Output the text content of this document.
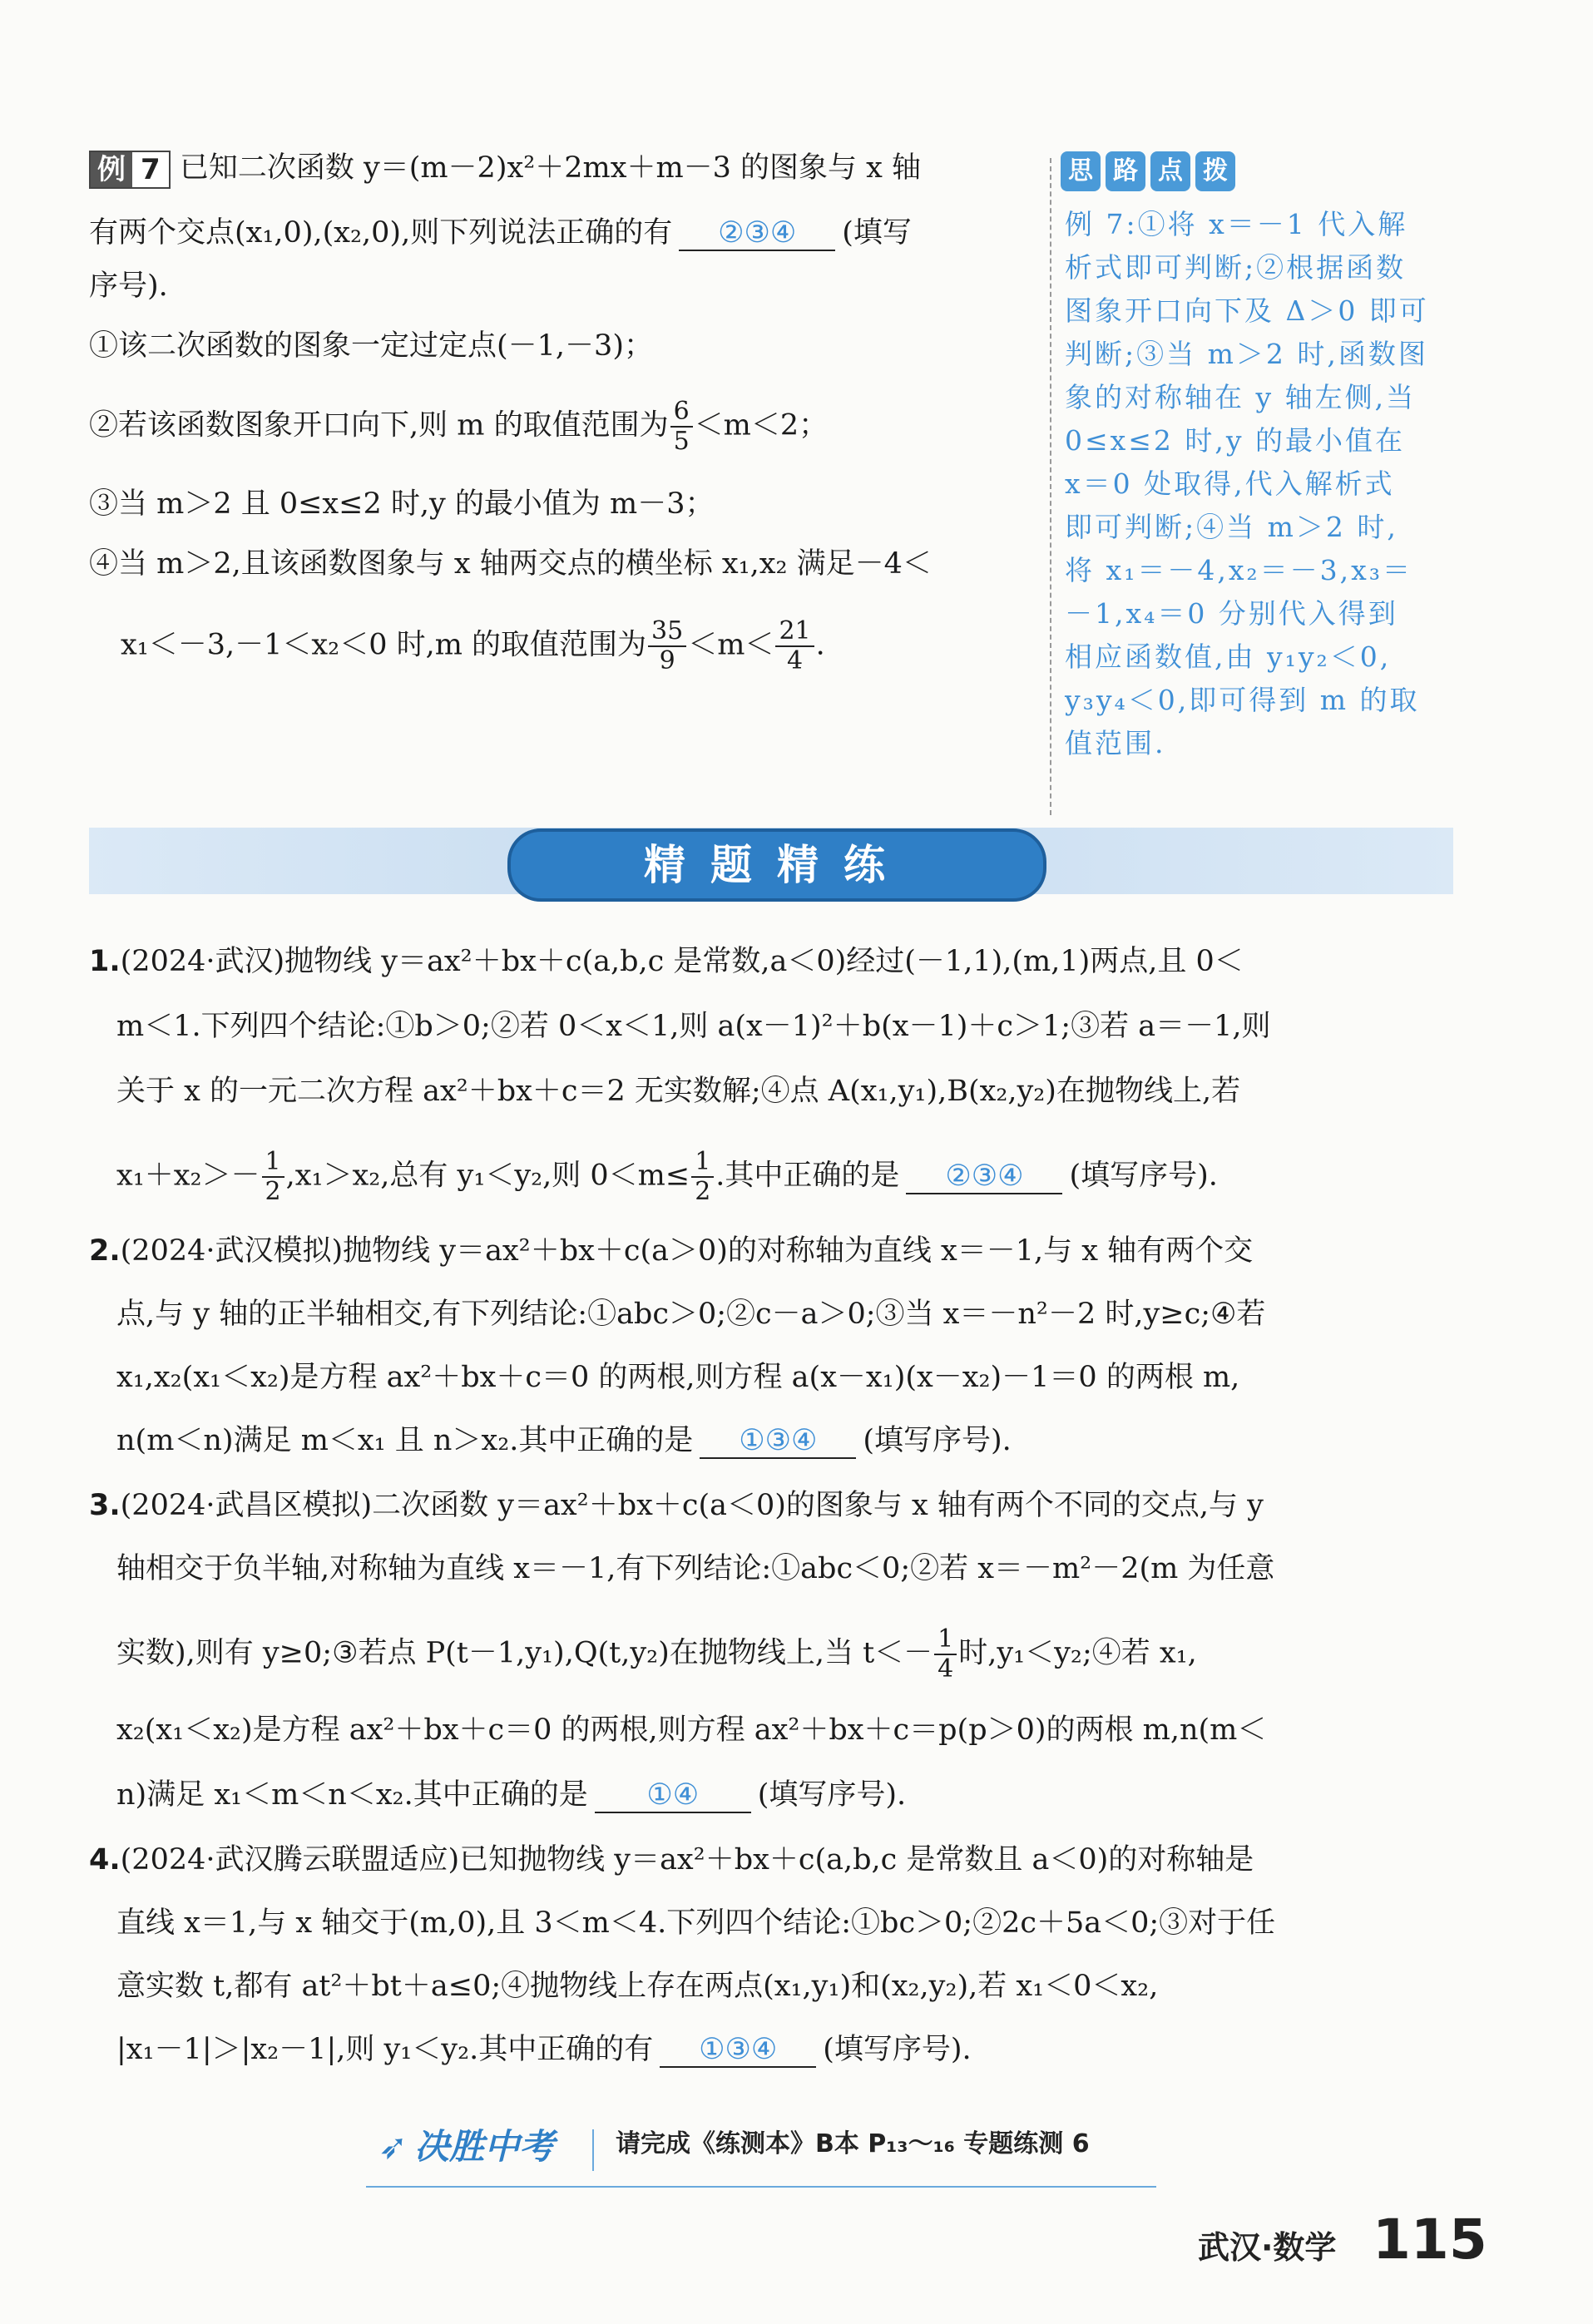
例 7 已知二次函数 y＝(m－2)x²＋2mx＋m－3 的图象与 x 轴
有两个交点(x₁,0),(x₂,0),则下列说法正确的有 ②③④ (填写
序号).
①该二次函数的图象一定过定点(－1,－3)；
②若该函数图象开口向下,则 m 的取值范围为 $\frac{6}{5} <m<2$；
③当 m＞2 且 0≤x≤2 时,y 的最小值为 m－3；
④当 m＞2,且该函数图象与 x 轴两交点的横坐标 x₁,x₂ 满足－4＜
x₁＜－3,－1＜x₂＜0 时,m 的取值范围为 $\frac{35}{9} <m< \frac{21}{4}$ .
思 路 点 拨
例 7:①将 x＝－1 代入解
析式即可判断;②根据函数
图象开口向下及 Δ＞0 即可
判断;③当 m＞2 时,函数图
象的对称轴在 y 轴左侧,当
0≤x≤2 时,y 的最小值在
x＝0 处取得,代入解析式
即可判断;④当 m＞2 时,
将 x₁＝－4,x₂＝－3,x₃＝
－1,x₄＝0 分别代入得到
相应函数值,由 y₁y₂＜0,
y₃y₄＜0,即可得到 m 的取
值范围.
精题精练
1.(2024·武汉)抛物线 y＝ax²＋bx＋c(a,b,c 是常数,a＜0)经过(－1,1),(m,1)两点,且 0＜
m＜1.下列四个结论:①b＞0;②若 0＜x＜1,则 a(x－1)²＋b(x－1)＋c＞1;③若 a＝－1,则
关于 x 的一元二次方程 ax²＋bx＋c＝2 无实数解;④点 A(x₁,y₁),B(x₂,y₂)在抛物线上,若
$x_1+x_2>- \frac{1}{2} ,x_1>x_2$,总有 y₁＜y₂,则 $0<m\le \frac{1}{2}$ .其中正确的是 ②③④ (填写序号).
2.(2024·武汉模拟)抛物线 y＝ax²＋bx＋c(a＞0)的对称轴为直线 x＝－1,与 x 轴有两个交
点,与 y 轴的正半轴相交,有下列结论:①abc＞0;②c－a＞0;③当 x＝－n²－2 时,y≥c;④若
x₁,x₂(x₁＜x₂)是方程 ax²＋bx＋c＝0 的两根,则方程 a(x－x₁)(x－x₂)－1＝0 的两根 m,
n(m＜n)满足 m＜x₁ 且 n＞x₂.其中正确的是 ①③④ (填写序号).
3.(2024·武昌区模拟)二次函数 y＝ax²＋bx＋c(a＜0)的图象与 x 轴有两个不同的交点,与 y
轴相交于负半轴,对称轴为直线 x＝－1,有下列结论:①abc＜0;②若 x＝－m²－2(m 为任意
实数),则有 y≥0;③若点 P(t－1,y₁),Q(t,y₂)在抛物线上,当 $t<- \frac{1}{4}$ 时,y₁＜y₂;④若 x₁,
x₂(x₁＜x₂)是方程 ax²＋bx＋c＝0 的两根,则方程 ax²＋bx＋c＝p(p＞0)的两根 m,n(m＜
n)满足 x₁＜m＜n＜x₂.其中正确的是 ①④ (填写序号).
4.(2024·武汉腾云联盟适应)已知抛物线 y＝ax²＋bx＋c(a,b,c 是常数且 a＜0)的对称轴是
直线 x＝1,与 x 轴交于(m,0),且 3＜m＜4.下列四个结论:①bc＞0;②2c＋5a＜0;③对于任
意实数 t,都有 at²＋bt＋a≤0;④抛物线上存在两点(x₁,y₁)和(x₂,y₂),若 x₁＜0＜x₂,
|x₁－1|＞|x₂－1|,则 y₁＜y₂.其中正确的有 ①③④ (填写序号).
➶ 决胜中考 请完成《练测本》B本 P₁₃～₁₆ 专题练测 6
武汉·数学 115
